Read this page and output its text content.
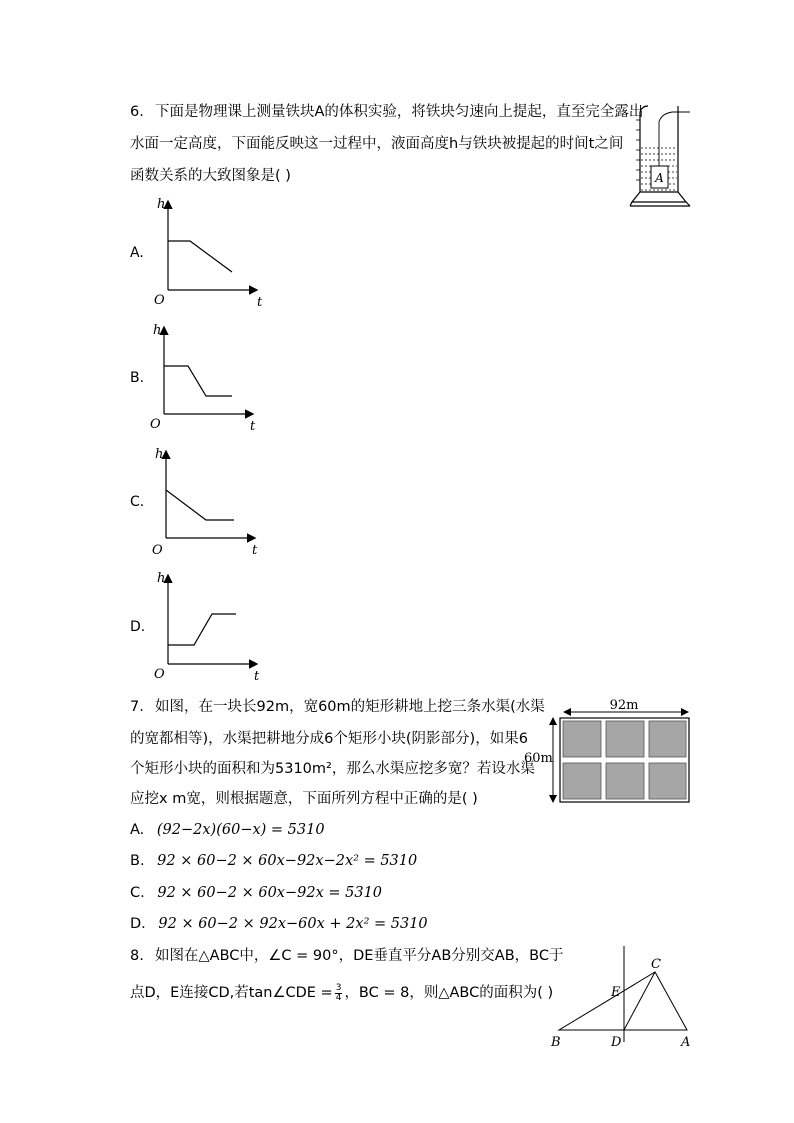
6. 下面是物理课上测量铁块A的体积实验，将铁块匀速向上提起，直至完全露出
水面一定高度，下面能反映这一过程中，液面高度h与铁块被提起的时间t之间
函数关系的大致图象是( )	A
A.
h
O	t
B.
h
O	t
C.
h
O	t
D.
h
O	t
7. 如图，在一块长92m，宽60m的矩形耕地上挖三条水渠(水渠
的宽都相等)，水渠把耕地分成6个矩形小块(阴影部分)，如果6
个矩形小块的面积和为5310m²，那么水渠应挖多宽？若设水渠
应挖x m宽，则根据题意，下面所列方程中正确的是( )
92m
60m
A. (92−2x)(60−x) = 5310
B. 92 × 60−2 × 60x−92x−2x² = 5310
C. 92 × 60−2 × 60x−92x = 5310
D. 92 × 60−2 × 92x−60x + 2x² = 5310
8. 如图在△ABC中，∠C = 90°，DE垂直平分AB分别交AB，BC于
点D，E连接CD,若tan∠CDE = $\frac{3}{4}$ ，BC = 8，则△ABC的面积为( )
C
E
B	D	A
